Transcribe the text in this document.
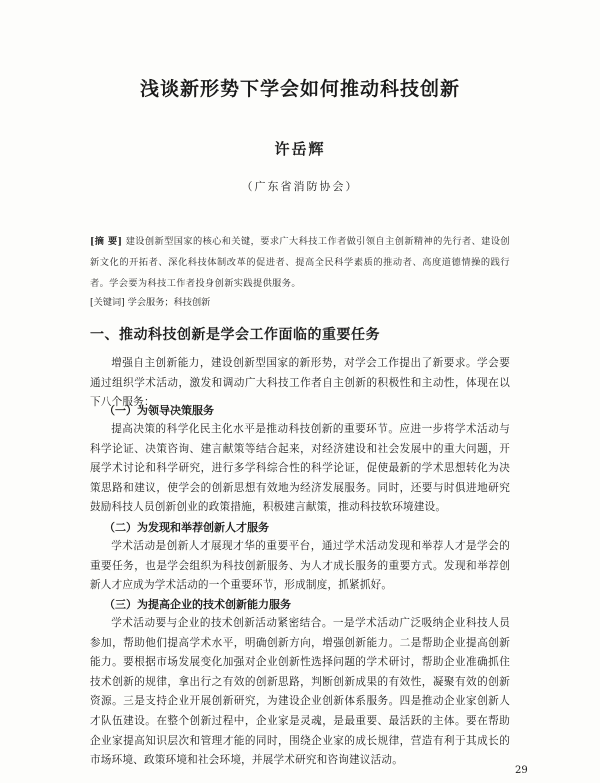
浅谈新形势下学会如何推动科技创新
许岳辉
（广东省消防协会）
[摘 要] 建设创新型国家的核心和关键，要求广大科技工作者做引领自主创新精神的先行者、建设创新文化的开拓者、深化科技体制改革的促进者、提高全民科学素质的推动者、高度道德情操的践行者。学会要为科技工作者投身创新实践提供服务。
[关键词] 学会服务；科技创新
一、推动科技创新是学会工作面临的重要任务
增强自主创新能力，建设创新型国家的新形势，对学会工作提出了新要求。学会要通过组织学术活动，激发和调动广大科技工作者自主创新的积极性和主动性，体现在以下八个服务：
（一）为领导决策服务
提高决策的科学化民主化水平是推动科技创新的重要环节。应进一步将学术活动与科学论证、决策咨询、建言献策等结合起来，对经济建设和社会发展中的重大问题，开展学术讨论和科学研究，进行多学科综合性的科学论证，促使最新的学术思想转化为决策思路和建议，使学会的创新思想有效地为经济发展服务。同时，还要与时俱进地研究鼓励科技人员创新创业的政策措施，积极建言献策，推动科技软环境建设。
（二）为发现和举荐创新人才服务
学术活动是创新人才展现才华的重要平台，通过学术活动发现和举荐人才是学会的重要任务，也是学会组织为科技创新服务、为人才成长服务的重要方式。发现和举荐创新人才应成为学术活动的一个重要环节，形成制度，抓紧抓好。
（三）为提高企业的技术创新能力服务
学术活动要与企业的技术创新活动紧密结合。一是学术活动广泛吸纳企业科技人员参加，帮助他们提高学术水平，明确创新方向，增强创新能力。二是帮助企业提高创新能力。要根据市场发展变化加强对企业创新性选择问题的学术研讨，帮助企业准确抓住技术创新的规律，拿出行之有效的创新思路，判断创新成果的有效性，凝聚有效的创新资源。三是支持企业开展创新研究，为建设企业创新体系服务。四是推动企业家创新人才队伍建设。在整个创新过程中，企业家是灵魂，是最重要、最活跃的主体。要在帮助企业家提高知识层次和管理才能的同时，围绕企业家的成长规律，营造有利于其成长的市场环境、政策环境和社会环境，并展学术研究和咨询建议活动。
29
